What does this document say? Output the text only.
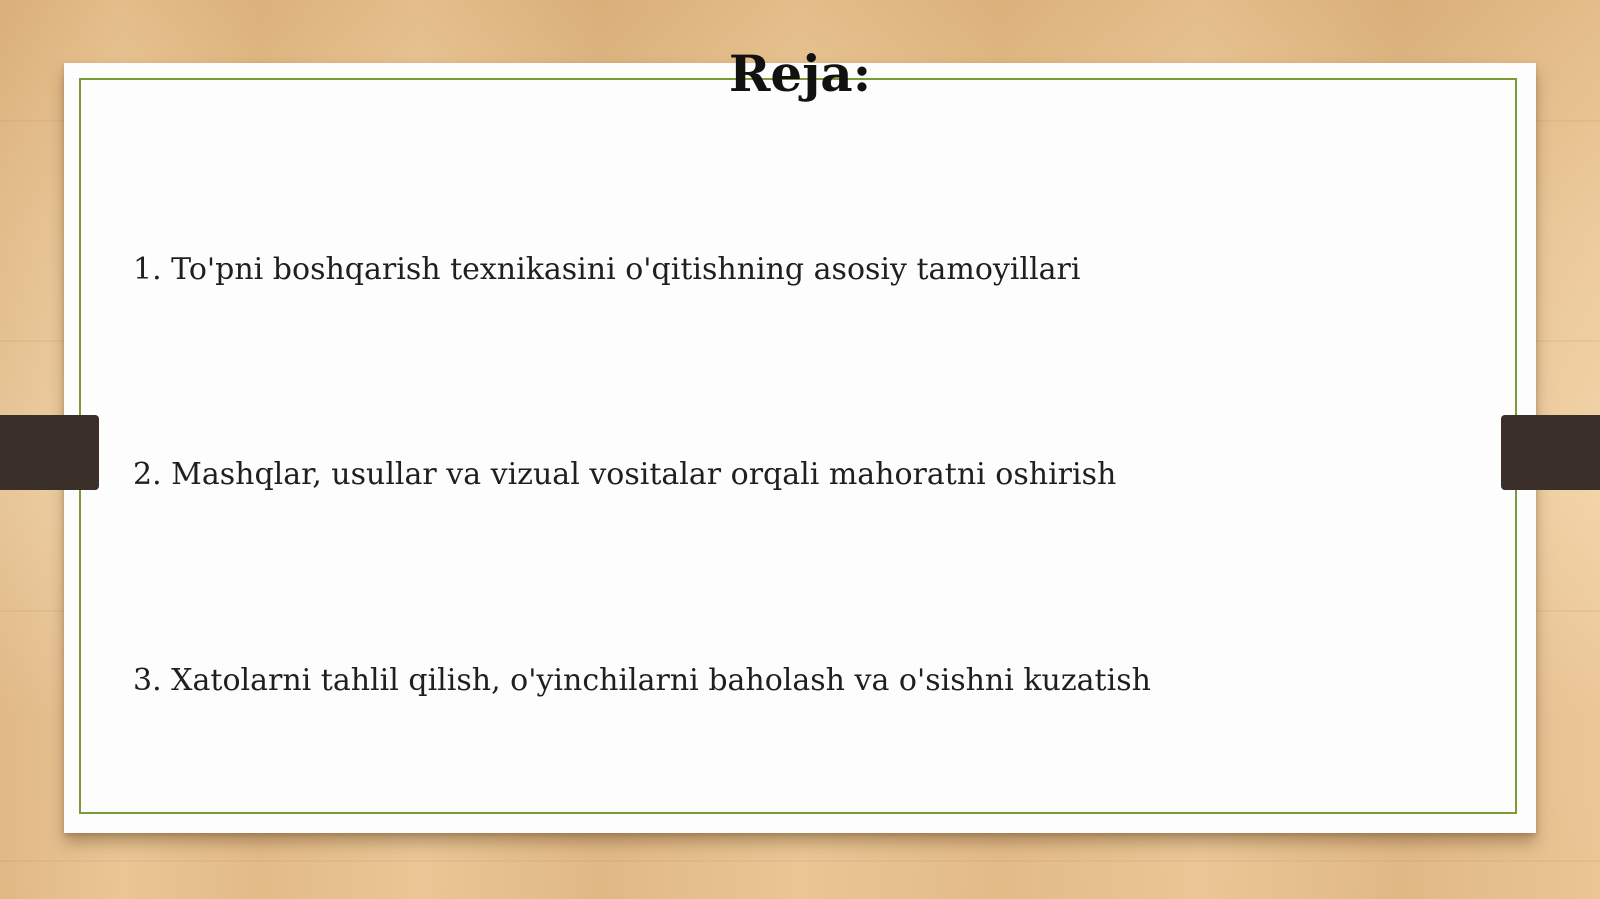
Reja:
1. To'pni boshqarish texnikasini o'qitishning asosiy tamoyillari
2. Mashqlar, usullar va vizual vositalar orqali mahoratni oshirish
3. Xatolarni tahlil qilish, o'yinchilarni baholash va o'sishni kuzatish
